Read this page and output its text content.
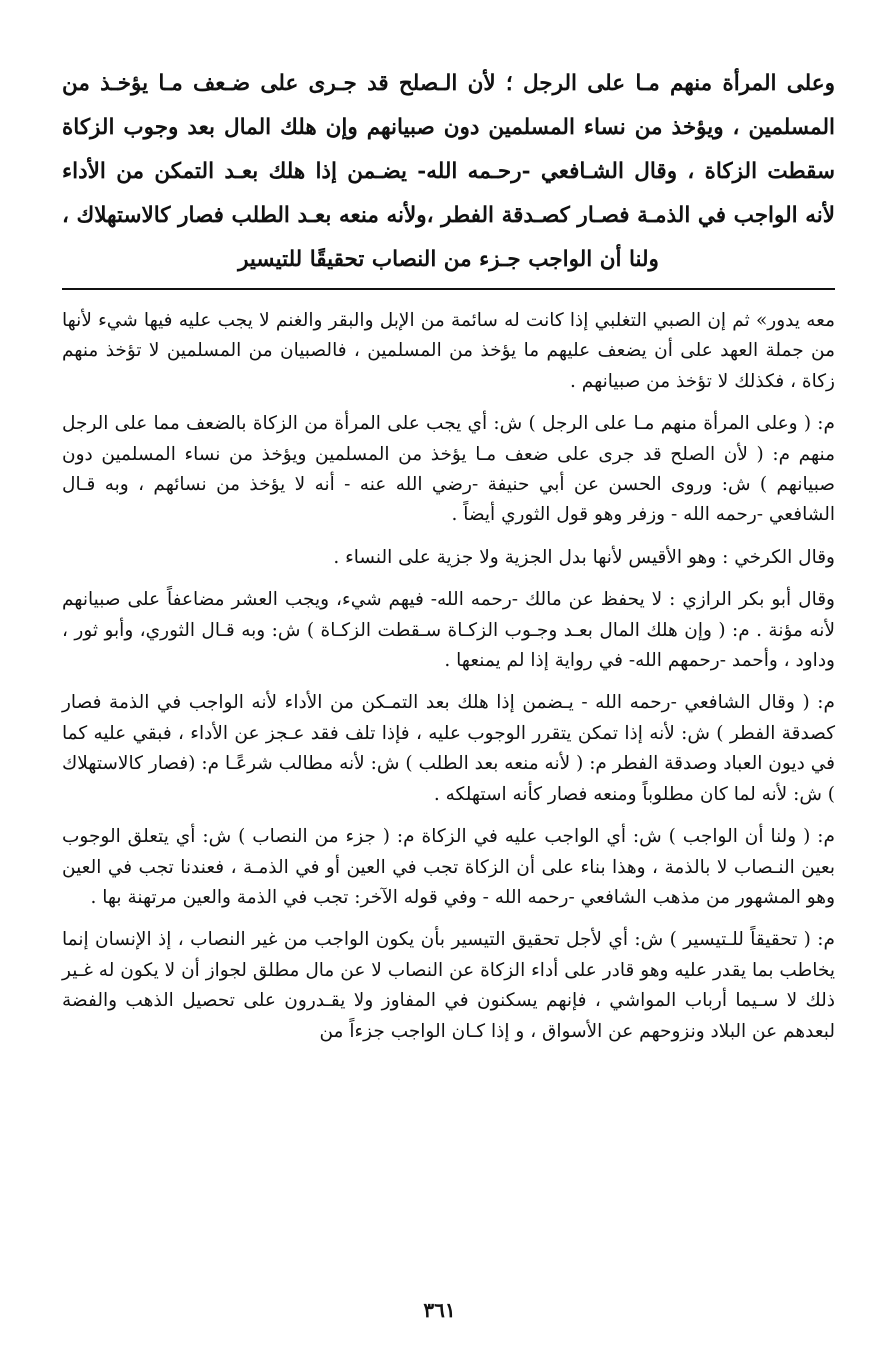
وعلى المرأة منهم مـا على الرجل ؛ لأن الـصلح قد جـرى على ضـعف مـا يؤخـذ من المسلمين ، ويؤخذ من نساء المسلمين دون صبيانهم وإن هلك المال بعد وجوب الزكاة سقطت الزكاة ، وقال الشـافعي -رحـمه الله- يضـمن إذا هلك بعـد التمكن من الأداء لأنه الواجب في الذمـة فصـار كصـدقة الفطر ،ولأنه منعه بعـد الطلب فصار كالاستهلاك ، ولنا أن الواجب جـزء من النصاب تحقيقًا للتيسير

معه يدور» ثم إن الصبي التغلبي إذا كانت له سائمة من الإبل والبقر والغنم لا يجب عليه فيها شيء لأنها من جملة العهد على أن يضعف عليهم ما يؤخذ من المسلمين ، فالصبيان من المسلمين لا تؤخذ منهم زكاة ، فكذلك لا تؤخذ من صبيانهم .

م: ( وعلى المرأة منهم مـا على الرجل ) ش: أي يجب على المرأة من الزكاة بالضعف مما على الرجل منهم م: ( لأن الصلح قد جرى على ضعف مـا يؤخذ من المسلمين ويؤخذ من نساء المسلمين دون صبيانهم ) ش: وروى الحسن عن أبي حنيفة -رضي الله عنه - أنه لا يؤخذ من نسائهم ، وبه قـال الشافعي -رحمه الله - وزفر وهو قول الثوري أيضاً .

وقال الكرخي : وهو الأقيس لأنها بدل الجزية ولا جزية على النساء .

وقال أبو بكر الرازي : لا يحفظ عن مالك -رحمه الله- فيهم شيء، ويجب العشر مضاعفاً على صبيانهم لأنه مؤنة . م: ( وإن هلك المال بعـد وجـوب الزكـاة سـقطت الزكـاة ) ش: وبه قـال الثوري، وأبو ثور ، وداود ، وأحمد -رحمهم الله- في رواية إذا لم يمنعها .

م: ( وقال الشافعي -رحمه الله - يـضمن إذا هلك بعد التمـكن من الأداء لأنه الواجب في الذمة فصار كصدقة الفطر ) ش: لأنه إذا تمكن يتقرر الوجوب عليه ، فإذا تلف فقد عـجز عن الأداء ، فبقي عليه كما في ديون العباد وصدقة الفطر م: ( لأنه منعه بعد الطلب ) ش: لأنه مطالب شرعًـا م: (فصار كالاستهلاك ) ش: لأنه لما كان مطلوباً ومنعه فصار كأنه استهلكه .

م: ( ولنا أن الواجب ) ش: أي الواجب عليه في الزكاة م: ( جزء من النصاب ) ش: أي يتعلق الوجوب بعين النـصاب لا بالذمة ، وهذا بناء على أن الزكاة تجب في العين أو في الذمـة ، فعندنا تجب في العين وهو المشهور من مذهب الشافعي -رحمه الله - وفي قوله الآخر: تجب في الذمة والعين مرتهنة بها .

م: ( تحقيقاً للـتيسير ) ش: أي لأجل تحقيق التيسير بأن يكون الواجب من غير النصاب ، إذ الإنسان إنما يخاطب بما يقدر عليه وهو قادر على أداء الزكاة عن النصاب لا عن مال مطلق لجواز أن لا يكون له غـير ذلك لا سـيما أرباب المواشي ، فإنهم يسكنون في المفاوز ولا يقـدرون على تحصيل الذهب والفضة لبعدهم عن البلاد ونزوحهم عن الأسواق ، و إذا كـان الواجب جزءاً من

٣٦١
